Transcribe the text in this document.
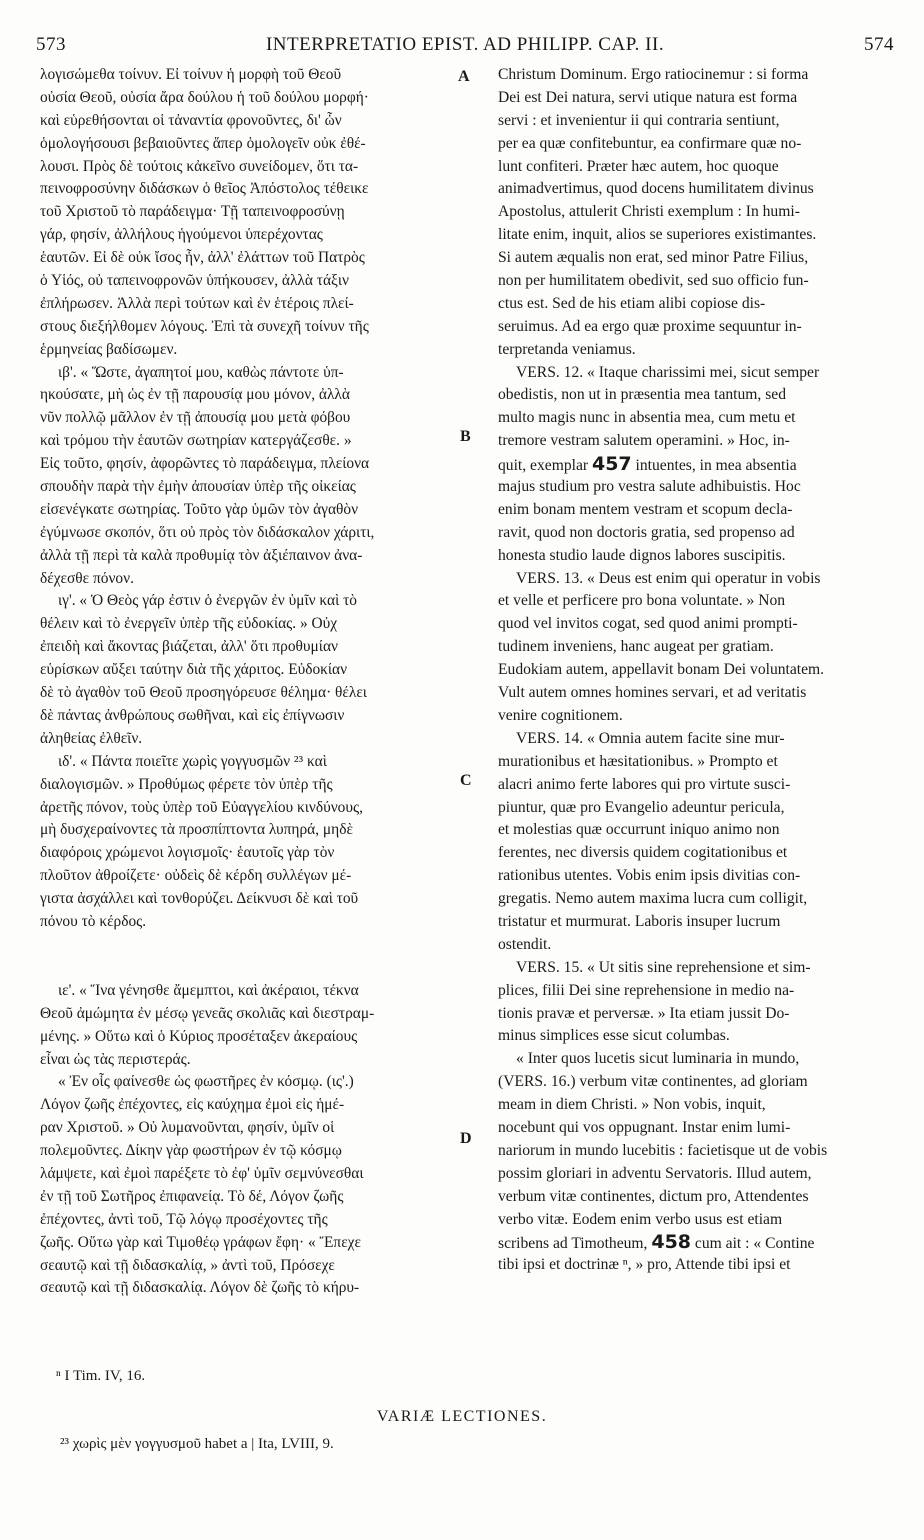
573	INTERPRETATIO EPIST. AD PHILIPP. CAP. II.	574
λογισώμεθα τοίνυν. Εἰ τοίνυν ἡ μορφὴ τοῦ Θεοῦ
οὐσία Θεοῦ, οὐσία ἄρα δούλου ἡ τοῦ δούλου μορφή·
καὶ εὑρεθήσονται οἱ τἀναντία φρονοῦντες, δι' ὧν
ὁμολογήσουσι βεβαιοῦντες ἅπερ ὁμολογεῖν οὐκ ἐθέ-
λουσι. Πρὸς δὲ τούτοις κἀκεῖνο συνείδομεν, ὅτι τα-
πεινοφροσύνην διδάσκων ὁ θεῖος Ἀπόστολος τέθεικε
τοῦ Χριστοῦ τὸ παράδειγμα· Τῇ ταπεινοφροσύνῃ
γάρ, φησίν, ἀλλήλους ἡγούμενοι ὑπερέχοντας
ἑαυτῶν. Εἰ δὲ οὐκ ἴσος ἦν, ἀλλ' ἐλάττων τοῦ Πατρὸς
ὁ Υἱός, οὐ ταπεινοφρονῶν ὑπήκουσεν, ἀλλὰ τάξιν
ἐπλήρωσεν. Ἀλλὰ περὶ τούτων καὶ ἐν ἑτέροις πλεί-
στους διεξήλθομεν λόγους. Ἐπὶ τὰ συνεχῆ τοίνυν τῆς
ἑρμηνείας βαδίσωμεν.
ιβ'. « Ὥστε, ἀγαπητοί μου, καθὼς πάντοτε ὑπ-
ηκούσατε, μὴ ὡς ἐν τῇ παρουσίᾳ μου μόνον, ἀλλὰ
νῦν πολλῷ μᾶλλον ἐν τῇ ἀπουσίᾳ μου μετὰ φόβου
καὶ τρόμου τὴν ἑαυτῶν σωτηρίαν κατεργάζεσθε. »
Εἰς τοῦτο, φησίν, ἀφορῶντες τὸ παράδειγμα, πλείονα
σπουδὴν παρὰ τὴν ἐμὴν ἀπουσίαν ὑπὲρ τῆς οἰκείας
εἰσενέγκατε σωτηρίας. Τοῦτο γὰρ ὑμῶν τὸν ἀγαθὸν
ἐγύμνωσε σκοπόν, ὅτι οὐ πρὸς τὸν διδάσκαλον χάριτι,
ἀλλὰ τῇ περὶ τὰ καλὰ προθυμίᾳ τὸν ἀξιέπαινον ἀνα-
δέχεσθε πόνον.
ιγ'. « Ὁ Θεὸς γάρ ἐστιν ὁ ἐνεργῶν ἐν ὑμῖν καὶ τὸ
θέλειν καὶ τὸ ἐνεργεῖν ὑπὲρ τῆς εὐδοκίας. » Οὐχ
ἐπειδὴ καὶ ἄκοντας βιάζεται, ἀλλ' ὅτι προθυμίαν
εὑρίσκων αὔξει ταύτην διὰ τῆς χάριτος. Εὐδοκίαν
δὲ τὸ ἀγαθὸν τοῦ Θεοῦ προσηγόρευσε θέλημα· θέλει
δὲ πάντας ἀνθρώπους σωθῆναι, καὶ εἰς ἐπίγνωσιν
ἀληθείας ἐλθεῖν.
ιδ'. « Πάντα ποιεῖτε χωρὶς γογγυσμῶν ²³ καὶ
διαλογισμῶν. » Προθύμως φέρετε τὸν ὑπὲρ τῆς
ἀρετῆς πόνον, τοὺς ὑπὲρ τοῦ Εὐαγγελίου κινδύνους,
μὴ δυσχεραίνοντες τὰ προσπίπτοντα λυπηρά, μηδὲ
διαφόροις χρώμενοι λογισμοῖς· ἑαυτοῖς γὰρ τὸν
πλοῦτον ἀθροίζετε· οὐδεὶς δὲ κέρδη συλλέγων μέ-
γιστα ἀσχάλλει καὶ τονθορύζει. Δείκνυσι δὲ καὶ τοῦ
πόνου τὸ κέρδος.
ιε'. « Ἵνα γένησθε ἄμεμπτοι, καὶ ἀκέραιοι, τέκνα
Θεοῦ ἀμώμητα ἐν μέσῳ γενεᾶς σκολιᾶς καὶ διεστραμ-
μένης. » Οὕτω καὶ ὁ Κύριος προσέταξεν ἀκεραίους
εἶναι ὡς τὰς περιστεράς.
« Ἐν οἷς φαίνεσθε ὡς φωστῆρες ἐν κόσμῳ. (ις'.)
Λόγον ζωῆς ἐπέχοντες, εἰς καύχημα ἐμοὶ εἰς ἡμέ-
ραν Χριστοῦ. » Οὐ λυμανοῦνται, φησίν, ὑμῖν οἱ
πολεμοῦντες. Δίκην γὰρ φωστήρων ἐν τῷ κόσμῳ
λάμψετε, καὶ ἐμοὶ παρέξετε τὸ ἐφ' ὑμῖν σεμνύνεσθαι
ἐν τῇ τοῦ Σωτῆρος ἐπιφανείᾳ. Τὸ δέ, Λόγον ζωῆς
ἐπέχοντες, ἀντὶ τοῦ, Τῷ λόγῳ προσέχοντες τῆς
ζωῆς. Οὕτω γὰρ καὶ Τιμοθέῳ γράφων ἔφη· « Ἔπεχε
σεαυτῷ καὶ τῇ διδασκαλίᾳ, » ἀντὶ τοῦ, Πρόσεχε
σεαυτῷ καὶ τῇ διδασκαλίᾳ. Λόγον δὲ ζωῆς τὸ κήρυ-
Christum Dominum. Ergo ratiocinemur : si forma
Dei est Dei natura, servi utique natura est forma
servi : et invenientur ii qui contraria sentiunt,
per ea quæ confitebuntur, ea confirmare quæ no-
lunt confiteri. Præter hæc autem, hoc quoque
animadvertimus, quod docens humilitatem divinus
Apostolus, attulerit Christi exemplum : In humi-
litate enim, inquit, alios se superiores existimantes.
Si autem æqualis non erat, sed minor Patre Filius,
non per humilitatem obedivit, sed suo officio fun-
ctus est. Sed de his etiam alibi copiose dis-
seruimus. Ad ea ergo quæ proxime sequuntur in-
terpretanda veniamus.
VERS. 12. « Itaque charissimi mei, sicut semper
obedistis, non ut in præsentia mea tantum, sed
multo magis nunc in absentia mea, cum metu et
tremore vestram salutem operamini. » Hoc, in-
quit, exemplar 457 intuentes, in mea absentia
majus studium pro vestra salute adhibuistis. Hoc
enim bonam mentem vestram et scopum decla-
ravit, quod non doctoris gratia, sed propenso ad
honesta studio laude dignos labores suscipitis.
VERS. 13. « Deus est enim qui operatur in vobis
et velle et perficere pro bona voluntate. » Non
quod vel invitos cogat, sed quod animi prompti-
tudinem inveniens, hanc augeat per gratiam.
Eudokiam autem, appellavit bonam Dei voluntatem.
Vult autem omnes homines servari, et ad veritatis
venire cognitionem.
VERS. 14. « Omnia autem facite sine mur-
murationibus et hæsitationibus. » Prompto et
alacri animo ferte labores qui pro virtute susci-
piuntur, quæ pro Evangelio adeuntur pericula,
et molestias quæ occurrunt iniquo animo non
ferentes, nec diversis quidem cogitationibus et
rationibus utentes. Vobis enim ipsis divitias con-
gregatis. Nemo autem maxima lucra cum colligit,
tristatur et murmurat. Laboris insuper lucrum
ostendit.
VERS. 15. « Ut sitis sine reprehensione et sim-
plices, filii Dei sine reprehensione in medio na-
tionis pravæ et perversæ. » Ita etiam jussit Do-
minus simplices esse sicut columbas.
« Inter quos lucetis sicut luminaria in mundo,
(VERS. 16.) verbum vitæ continentes, ad gloriam
meam in diem Christi. » Non vobis, inquit,
nocebunt qui vos oppugnant. Instar enim lumi-
nariorum in mundo lucebitis : facietisque ut de vobis
possim gloriari in adventu Servatoris. Illud autem,
verbum vitæ continentes, dictum pro, Attendentes
verbo vitæ. Eodem enim verbo usus est etiam
scribens ad Timotheum, 458 cum ait : « Contine
tibi ipsi et doctrinæ ⁿ, » pro, Attende tibi ipsi et
A
B
C
D
ⁿ I Tim. IV, 16.
VARIÆ LECTIONES.
²³ χωρὶς μὲν γογγυσμοῦ habet a | Ita, LVIII, 9.
